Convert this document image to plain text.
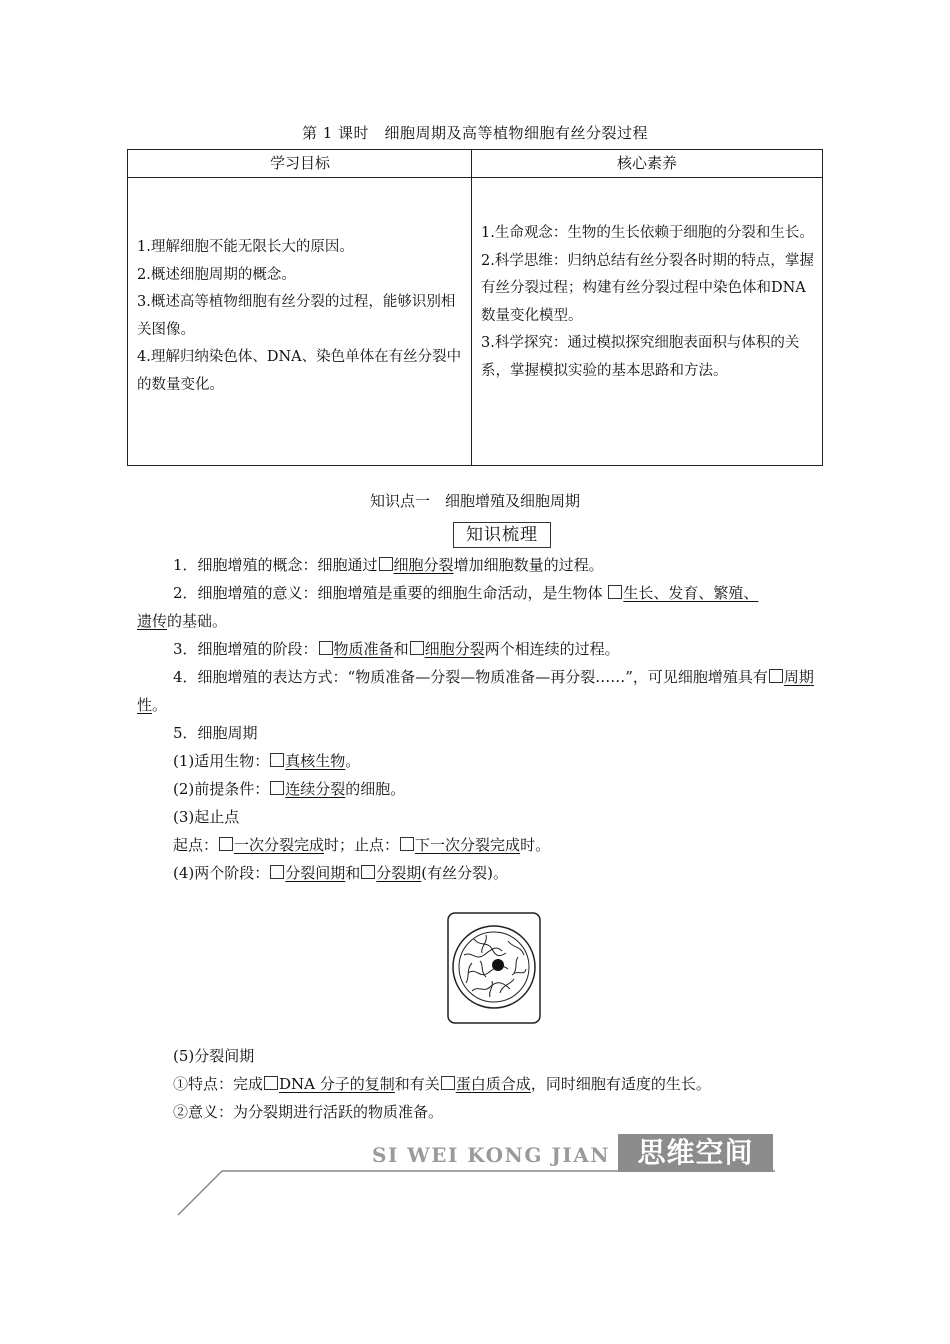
第 1 课时　细胞周期及高等植物细胞有丝分裂过程
学习目标	核心素养

1.理解细胞不能无限长大的原因。

2.概述细胞周期的概念。

3.概述高等植物细胞有丝分裂的过程，能够识别相关图像。

4.理解归纳染色体、DNA、染色单体在有丝分裂中的数量变化。

1.生命观念：生物的生长依赖于细胞的分裂和生长。

2.科学思维：归纳总结有丝分裂各时期的特点，掌握有丝分裂过程；构建有丝分裂过程中染色体和DNA 数量变化模型。

3.科学探究：通过模拟探究细胞表面积与体积的关系，掌握模拟实验的基本思路和方法。

知识点一　细胞增殖及细胞周期
知识梳理

1．细胞增殖的概念：细胞通过 细胞分裂增加细胞数量的过程。

2．细胞增殖的意义：细胞增殖是重要的细胞生命活动，是生物体 生长、发育、繁殖、
遗传的基础。

3．细胞增殖的阶段： 物质准备和 细胞分裂两个相连续的过程。

4．细胞增殖的表达方式：“物质准备—分裂—物质准备—再分裂……”，可见细胞增殖具有 周期性。

5．细胞周期

(1)适用生物： 真核生物。

(2)前提条件： 连续分裂的细胞。

(3)起止点

起点： 一次分裂完成时；止点： 下一次分裂完成时。

(4)两个阶段： 分裂间期和 分裂期(有丝分裂)。

(5)分裂间期

①特点：完成 DNA 分子的复制和有关 蛋白质合成，同时细胞有适度的生长。

②意义：为分裂期进行活跃的物质准备。

SI WEI KONG JIAN 思维空间
